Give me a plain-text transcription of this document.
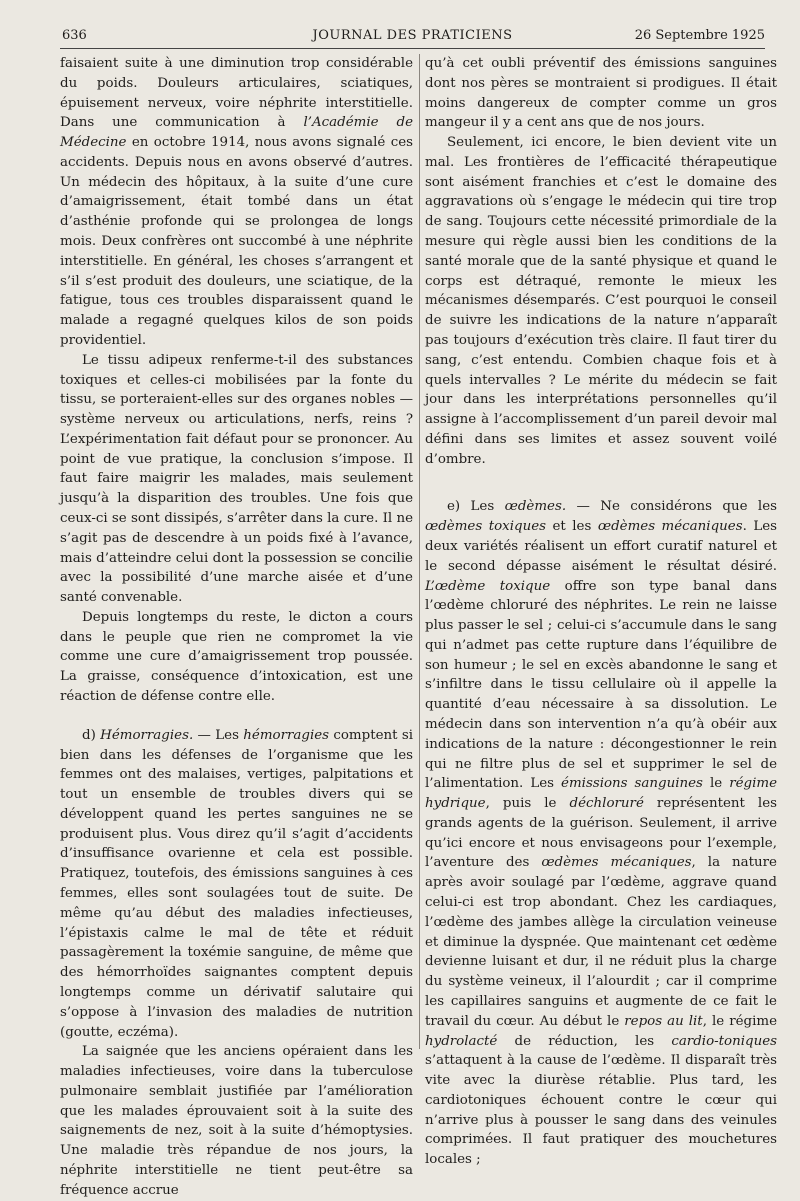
636	JOURNAL DES PRATICIENS	26 Septembre 1925

faisaient suite à une diminution trop considérable du poids. Douleurs articulaires, sciatiques, épuisement nerveux, voire néphrite interstitielle. Dans une communication à l’Académie de Médecine en octobre 1914, nous avons signalé ces accidents. Depuis nous en avons observé d’autres. Un médecin des hôpitaux, à la suite d’une cure d’amaigrissement, était tombé dans un état d’asthénie profonde qui se prolongea de longs mois. Deux confrères ont succombé à une néphrite interstitielle. En général, les choses s’arrangent et s’il s’est produit des douleurs, une sciatique, de la fatigue, tous ces troubles disparaissent quand le malade a regagné quelques kilos de son poids providentiel.

Le tissu adipeux renferme-t-il des substances toxiques et celles-ci mobilisées par la fonte du tissu, se porteraient-elles sur des organes nobles — système nerveux ou articulations, nerfs, reins ? L’expérimentation fait défaut pour se prononcer. Au point de vue pratique, la conclusion s’impose. Il faut faire maigrir les malades, mais seulement jusqu’à la disparition des troubles. Une fois que ceux-ci se sont dissipés, s’arrêter dans la cure. Il ne s’agit pas de descendre à un poids fixé à l’avance, mais d’atteindre celui dont la possession se concilie avec la possibilité d’une marche aisée et d’une santé convenable.

Depuis longtemps du reste, le dicton a cours dans le peuple que rien ne compromet la vie comme une cure d’amaigrissement trop poussée. La graisse, conséquence d’intoxication, est une réaction de défense contre elle.

d) Hémorragies. — Les hémorragies comptent si bien dans les défenses de l’organisme que les femmes ont des malaises, vertiges, palpitations et tout un ensemble de troubles divers qui se développent quand les pertes sanguines ne se produisent plus. Vous direz qu’il s’agit d’accidents d’insuffisance ovarienne et cela est possible. Pratiquez, toutefois, des émissions sanguines à ces femmes, elles sont soulagées tout de suite. De même qu’au début des maladies infectieuses, l’épistaxis calme le mal de tête et réduit passagèrement la toxémie sanguine, de même que des hémorrhoïdes saignantes comptent depuis longtemps comme un dérivatif salutaire qui s’oppose à l’invasion des maladies de nutrition (goutte, eczéma).

La saignée que les anciens opéraient dans les maladies infectieuses, voire dans la tuberculose pulmonaire semblait justifiée par l’amélioration que les malades éprouvaient soit à la suite des saignements de nez, soit à la suite d’hémoptysies. Une maladie très répandue de nos jours, la néphrite interstitielle ne tient peut-être sa fréquence accrue

qu’à cet oubli préventif des émissions sanguines dont nos pères se montraient si prodigues. Il était moins dangereux de compter comme un gros mangeur il y a cent ans que de nos jours.

Seulement, ici encore, le bien devient vite un mal. Les frontières de l’efficacité thérapeutique sont aisément franchies et c’est le domaine des aggravations où s’engage le médecin qui tire trop de sang. Toujours cette nécessité primordiale de la mesure qui règle aussi bien les conditions de la santé morale que de la santé physique et quand le corps est détraqué, remonte le mieux les mécanismes désemparés. C’est pourquoi le conseil de suivre les indications de la nature n’apparaît pas toujours d’exécution très claire. Il faut tirer du sang, c’est entendu. Combien chaque fois et à quels intervalles ? Le mérite du médecin se fait jour dans les interprétations personnelles qu’il assigne à l’accomplissement d’un pareil devoir mal défini dans ses limites et assez souvent voilé d’ombre.

e) Les œdèmes. — Ne considérons que les œdèmes toxiques et les œdèmes mécaniques. Les deux variétés réalisent un effort curatif naturel et le second dépasse aisément le résultat désiré. L’œdème toxique offre son type banal dans l’œdème chloruré des néphrites. Le rein ne laisse plus passer le sel ; celui-ci s’accumule dans le sang qui n’admet pas cette rupture dans l’équilibre de son humeur ; le sel en excès abandonne le sang et s’infiltre dans le tissu cellulaire où il appelle la quantité d’eau nécessaire à sa dissolution. Le médecin dans son intervention n’a qu’à obéir aux indications de la nature : décongestionner le rein qui ne filtre plus de sel et supprimer le sel de l’alimentation. Les émissions sanguines le régime hydrique, puis le déchloruré représentent les grands agents de la guérison. Seulement, il arrive qu’ici encore et nous envisageons pour l’exemple, l’aventure des œdèmes mécaniques, la nature après avoir soulagé par l’œdème, aggrave quand celui-ci est trop abondant. Chez les cardiaques, l’œdème des jambes allège la circulation veineuse et diminue la dyspnée. Que maintenant cet œdème devienne luisant et dur, il ne réduit plus la charge du système veineux, il l’alourdit ; car il comprime les capillaires sanguins et augmente de ce fait le travail du cœur. Au début le repos au lit, le régime hydrolacté de réduction, les cardio-toniques s’attaquent à la cause de l’œdème. Il disparaît très vite avec la diurèse rétablie. Plus tard, les cardiotoniques échouent contre le cœur qui n’arrive plus à pousser le sang dans des veinules comprimées. Il faut pratiquer des mouchetures locales ;
